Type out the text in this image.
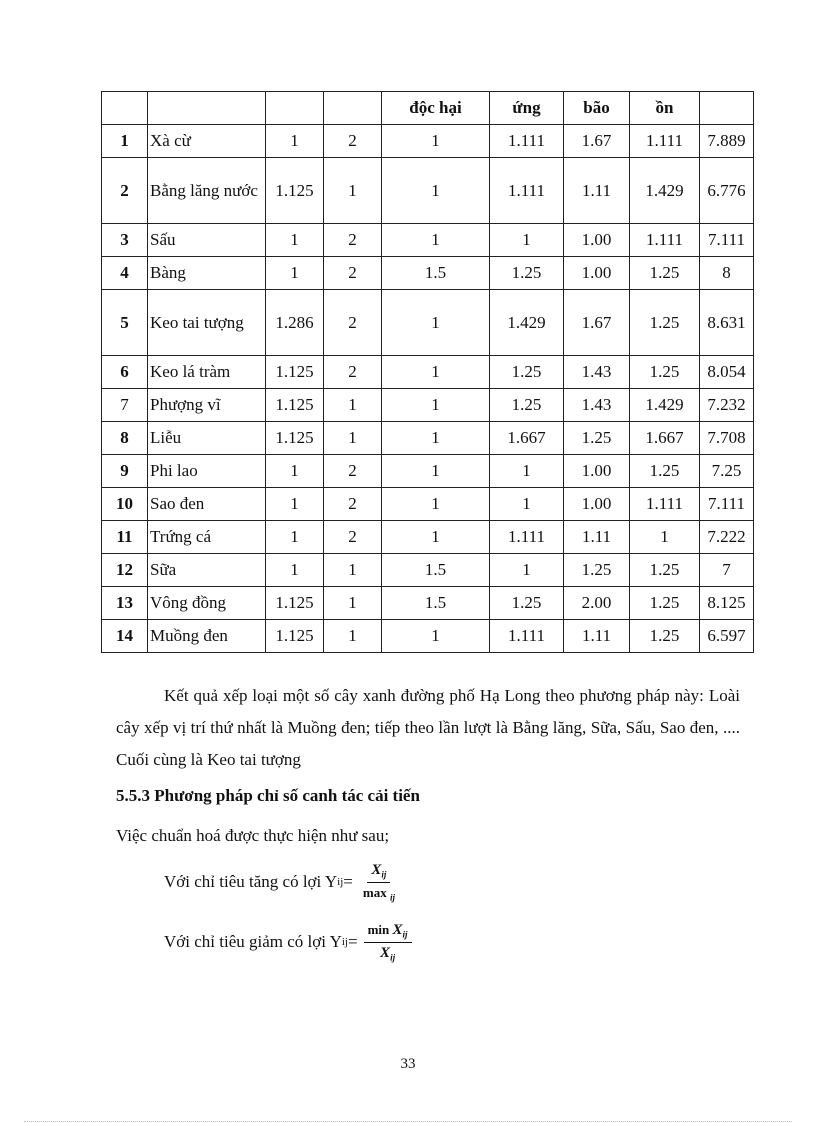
				độc hại	ứng	bão	ồn	
1	Xà cừ	1	2	1	1.111	1.67	1.111	7.889
2	Bằng lăng nước	1.125	1	1	1.111	1.11	1.429	6.776
3	Sấu	1	2	1	1	1.00	1.111	7.111
4	Bàng	1	2	1.5	1.25	1.00	1.25	8
5	Keo tai tượng	1.286	2	1	1.429	1.67	1.25	8.631
6	Keo lá tràm	1.125	2	1	1.25	1.43	1.25	8.054
7	Phượng vĩ	1.125	1	1	1.25	1.43	1.429	7.232
8	Liễu	1.125	1	1	1.667	1.25	1.667	7.708
9	Phi lao	1	2	1	1	1.00	1.25	7.25
10	Sao đen	1	2	1	1	1.00	1.111	7.111
11	Trứng cá	1	2	1	1.111	1.11	1	7.222
12	Sữa	1	1	1.5	1	1.25	1.25	7
13	Vông đồng	1.125	1	1.5	1.25	2.00	1.25	8.125
14	Muồng đen	1.125	1	1	1.111	1.11	1.25	6.597
Kết quả xếp loại một số cây xanh đường phố Hạ Long theo phương pháp này: Loài cây xếp vị trí thứ nhất là Muồng đen; tiếp theo lần lượt là Bằng lăng, Sữa, Sấu, Sao đen, .... Cuối cùng là Keo tai tượng
5.5.3 Phương pháp chỉ số canh tác cải tiến
Việc chuẩn hoá được thực hiện như sau;
Với chỉ tiêu tăng có lợi Y ij = $\frac{X_{ij}}{\max _{ij}}$
Với chỉ tiêu giảm có lợi Y ij = $\frac{\min X_{ij}}{X_{ij}}$
33
